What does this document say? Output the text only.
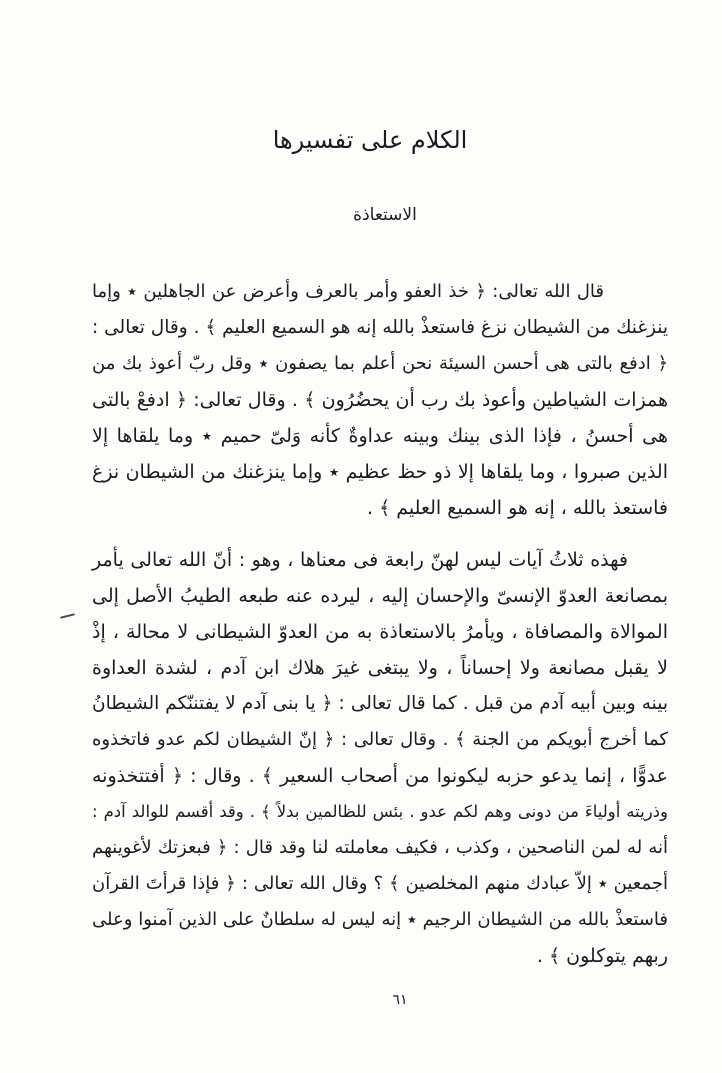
الكلام على تفسيرها
الاستعاذة
قال الله تعالى: ﴿ خذ العفو وأمر بالعرف وأعرض عن الجاهلين ٭ وإما
ينزغنك من الشيطان نزغ فاستعذْ بالله إنه هو السميع العليم ﴾ . وقال تعالى :
﴿ ادفع بالتى هى أحسن السيئة نحن أعلم بما يصفون ٭ وقل ربّ أعوذ بك من
همزات الشياطين وأعوذ بك رب أن يحضُرُون ﴾ . وقال تعالى: ﴿ ادفعْ بالتى
هى أحسنُ ، فإذا الذى بينك وبينه عداوةٌ كأنه وَلىّ حميم ٭ وما يلقاها إلا
الذين صبروا ، وما يلقاها إلا ذو حظ عظيم ٭ وإما ينزغنك من الشيطان نزغ
فاستعذ بالله ، إنه هو السميع العليم ﴾ .
فهذه ثلاثُ آيات ليس لهنّ رابعة فى معناها ، وهو : أنّ الله تعالى يأمر
بمصانعة العدوّ الإنسىّ والإحسان إليه ، ليرده عنه طبعه الطيبُ الأصل إلى
الموالاة والمصافاة ، ويأمرُ بالاستعاذة به من العدوّ الشيطانى لا محالة ، إذْ
لا يقبل مصانعة ولا إحساناً ، ولا يبتغى غيرَ هلاك ابن آدم ، لشدة العداوة
بينه وبين أبيه آدم من قبل . كما قال تعالى : ﴿ يا بنى آدم لا يفتننّكم الشيطانُ
كما أخرج أبويكم من الجنة ﴾ . وقال تعالى : ﴿ إنّ الشيطان لكم عدو فاتخذوه
عدوًّا ، إنما يدعو حزبه ليكونوا من أصحاب السعير ﴾ . وقال : ﴿ أفتتخذونه
وذريته أولياءَ من دونى وهم لكم عدو . بئس للظالمين بدلاً ﴾ . وقد أقسم للوالد آدم :
أنه له لمن الناصحين ، وكذب ، فكيف معاملته لنا وقد قال : ﴿ فبعزتك لأغوينهم
أجمعين ٭ إلاّ عبادك منهم المخلصين ﴾ ؟ وقال الله تعالى : ﴿ فإذا قرأتَ القرآن
فاستعذْ بالله من الشيطان الرجيم ٭ إنه ليس له سلطانٌ على الذين آمنوا وعلى
ربهم يتوكلون ﴾ .
٦١
